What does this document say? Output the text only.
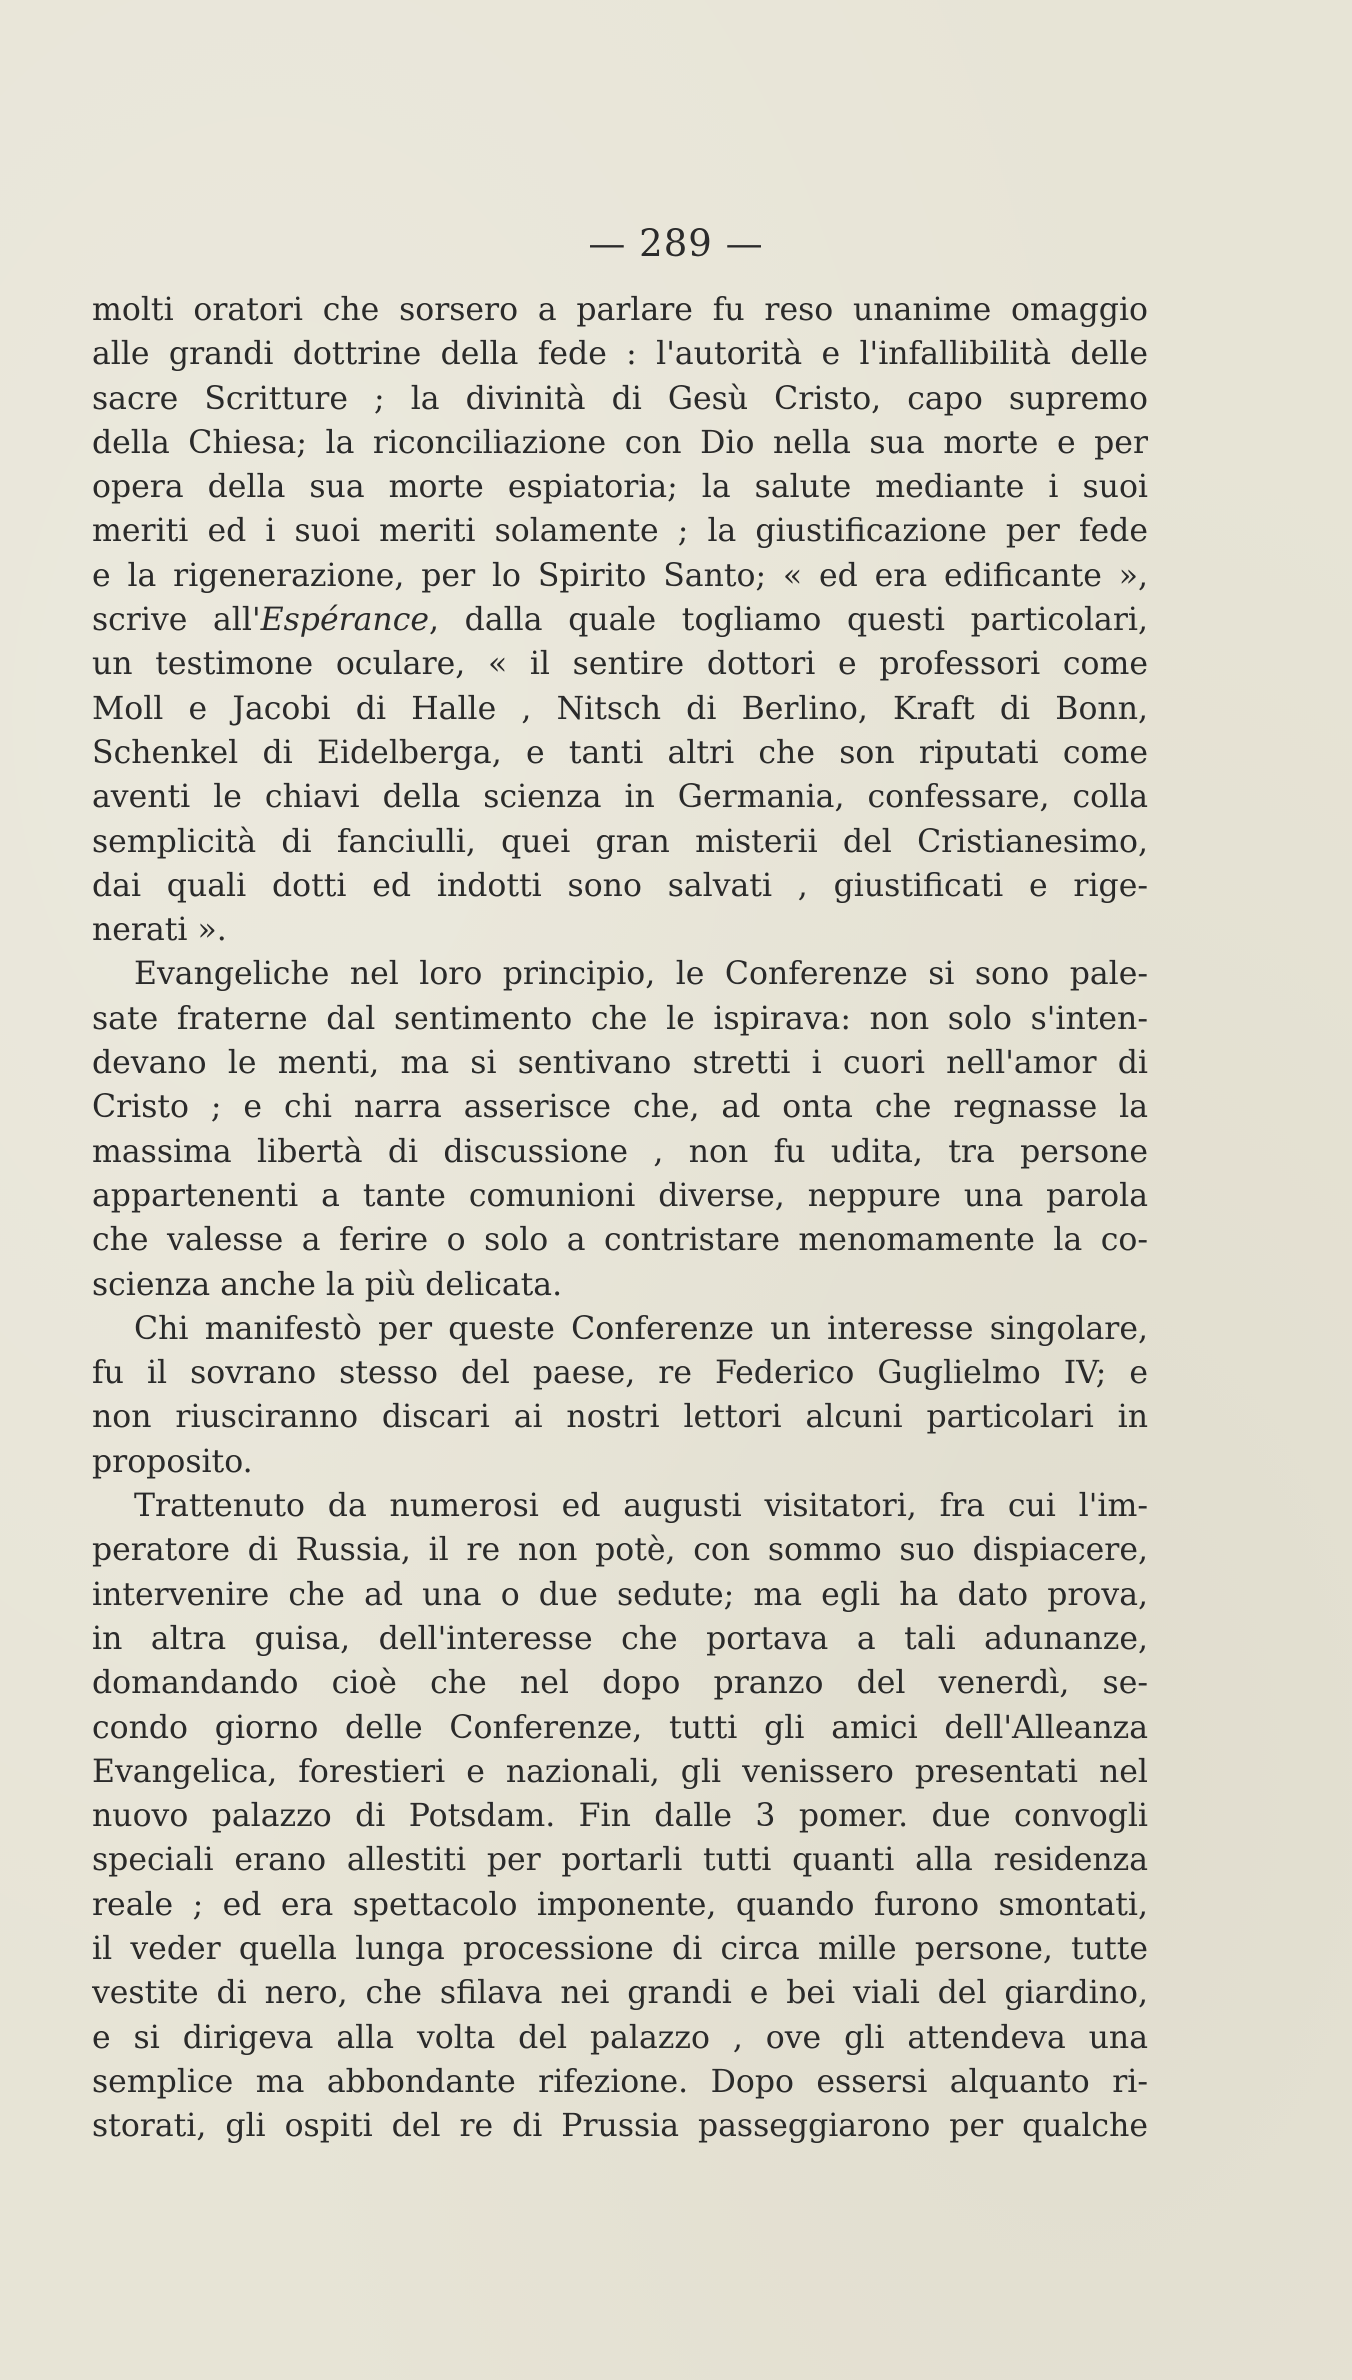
— 289 —
molti oratori che sorsero a parlare fu reso unanime omaggio
alle grandi dottrine della fede : l'autorità e l'infallibilità delle
sacre Scritture ; la divinità di Gesù Cristo, capo supremo
della Chiesa; la riconciliazione con Dio nella sua morte e per
opera della sua morte espiatoria; la salute mediante i suoi
meriti ed i suoi meriti solamente ; la giustificazione per fede
e la rigenerazione, per lo Spirito Santo; « ed era edificante »,
scrive all'Espérance, dalla quale togliamo questi particolari,
un testimone oculare, « il sentire dottori e professori come
Moll e Jacobi di Halle , Nitsch di Berlino, Kraft di Bonn,
Schenkel di Eidelberga, e tanti altri che son riputati come
aventi le chiavi della scienza in Germania, confessare, colla
semplicità di fanciulli, quei gran misterii del Cristianesimo,
dai quali dotti ed indotti sono salvati , giustificati e rige-
nerati ».
Evangeliche nel loro principio, le Conferenze si sono pale-
sate fraterne dal sentimento che le ispirava: non solo s'inten-
devano le menti, ma si sentivano stretti i cuori nell'amor di
Cristo ; e chi narra asserisce che, ad onta che regnasse la
massima libertà di discussione , non fu udita, tra persone
appartenenti a tante comunioni diverse, neppure una parola
che valesse a ferire o solo a contristare menomamente la co-
scienza anche la più delicata.
Chi manifestò per queste Conferenze un interesse singolare,
fu il sovrano stesso del paese, re Federico Guglielmo IV; e
non riusciranno discari ai nostri lettori alcuni particolari in
proposito.
Trattenuto da numerosi ed augusti visitatori, fra cui l'im-
peratore di Russia, il re non potè, con sommo suo dispiacere,
intervenire che ad una o due sedute; ma egli ha dato prova,
in altra guisa, dell'interesse che portava a tali adunanze,
domandando cioè che nel dopo pranzo del venerdì, se-
condo giorno delle Conferenze, tutti gli amici dell'Alleanza
Evangelica, forestieri e nazionali, gli venissero presentati nel
nuovo palazzo di Potsdam. Fin dalle 3 pomer. due convogli
speciali erano allestiti per portarli tutti quanti alla residenza
reale ; ed era spettacolo imponente, quando furono smontati,
il veder quella lunga processione di circa mille persone, tutte
vestite di nero, che sfilava nei grandi e bei viali del giardino,
e si dirigeva alla volta del palazzo , ove gli attendeva una
semplice ma abbondante rifezione. Dopo essersi alquanto ri-
storati, gli ospiti del re di Prussia passeggiarono per qualche
